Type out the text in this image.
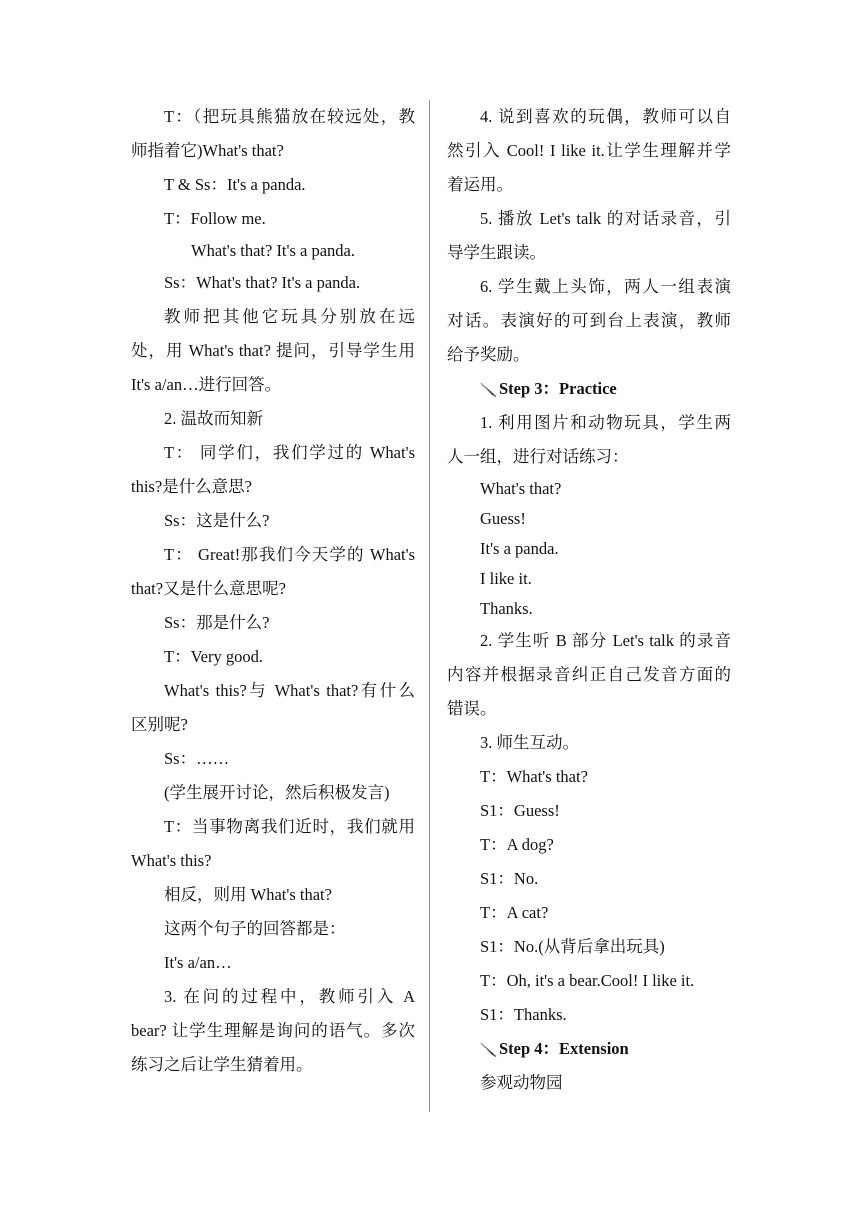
T：（把玩具熊猫放在较远处，教
师指着它)What's that?
T & Ss：It's a panda.
T：Follow me.
What's that? It's a panda.
Ss：What's that? It's a panda.
教师把其他它玩具分别放在远
处，用 What's that? 提问，引导学生用
It's a/an…进行回答。
2. 温故而知新
T： 同学们，我们学过的 What's
this?是什么意思?
Ss：这是什么?
T： Great!那我们今天学的 What's
that?又是什么意思呢?
Ss：那是什么?
T：Very good.
What's this?与 What's that?有什么
区别呢?
Ss：……
(学生展开讨论，然后积极发言)
T：当事物离我们近时，我们就用
What's this?
相反，则用 What's that?
这两个句子的回答都是：
It's a/an…
3. 在问的过程中，教师引入 A
bear? 让学生理解是询问的语气。多次
练习之后让学生猜着用。
4. 说到喜欢的玩偶，教师可以自
然引入 Cool! I like it.让学生理解并学
着运用。
5. 播放 Let's talk 的对话录音，引
导学生跟读。
6. 学生戴上头饰，两人一组表演
对话。表演好的可到台上表演，教师
给予奖励。
Step 3：Practice
1. 利用图片和动物玩具，学生两
人一组，进行对话练习：
What's that?
Guess!
It's a panda.
I like it.
Thanks.
2. 学生听 B 部分 Let's talk 的录音
内容并根据录音纠正自己发音方面的
错误。
3. 师生互动。
T：What's that?
S1：Guess!
T：A dog?
S1：No.
T：A cat?
S1：No.(从背后拿出玩具)
T：Oh, it's a bear.Cool! I like it.
S1：Thanks.
Step 4：Extension
参观动物园
